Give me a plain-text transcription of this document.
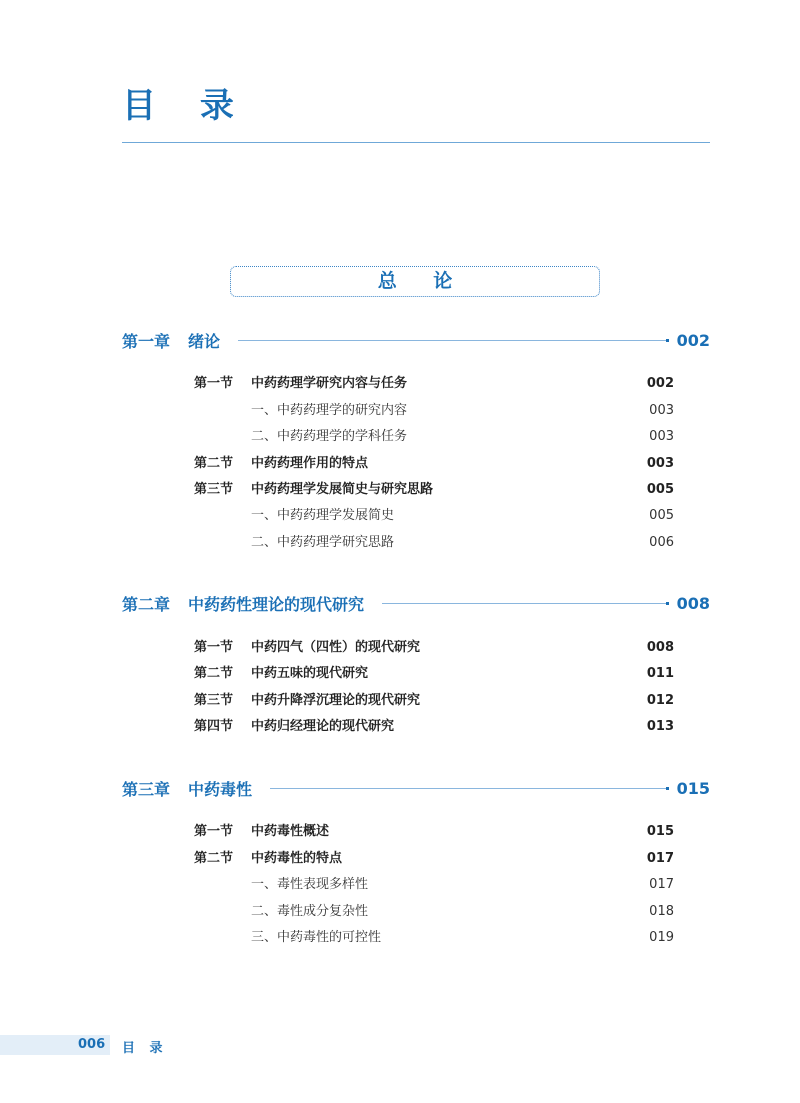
目 录
总 论
第一章 绪论	002
第一节 中药药理学研究内容与任务	002
一、中药药理学的研究内容	003
二、中药药理学的学科任务	003
第二节 中药药理作用的特点	003
第三节 中药药理学发展简史与研究思路	005
一、中药药理学发展简史	005
二、中药药理学研究思路	006
第二章 中药药性理论的现代研究	008
第一节 中药四气（四性）的现代研究	008
第二节 中药五味的现代研究	011
第三节 中药升降浮沉理论的现代研究	012
第四节 中药归经理论的现代研究	013
第三章 中药毒性	015
第一节 中药毒性概述	015
第二节 中药毒性的特点	017
一、毒性表现多样性	017
二、毒性成分复杂性	018
三、中药毒性的可控性	019
006 目 录
